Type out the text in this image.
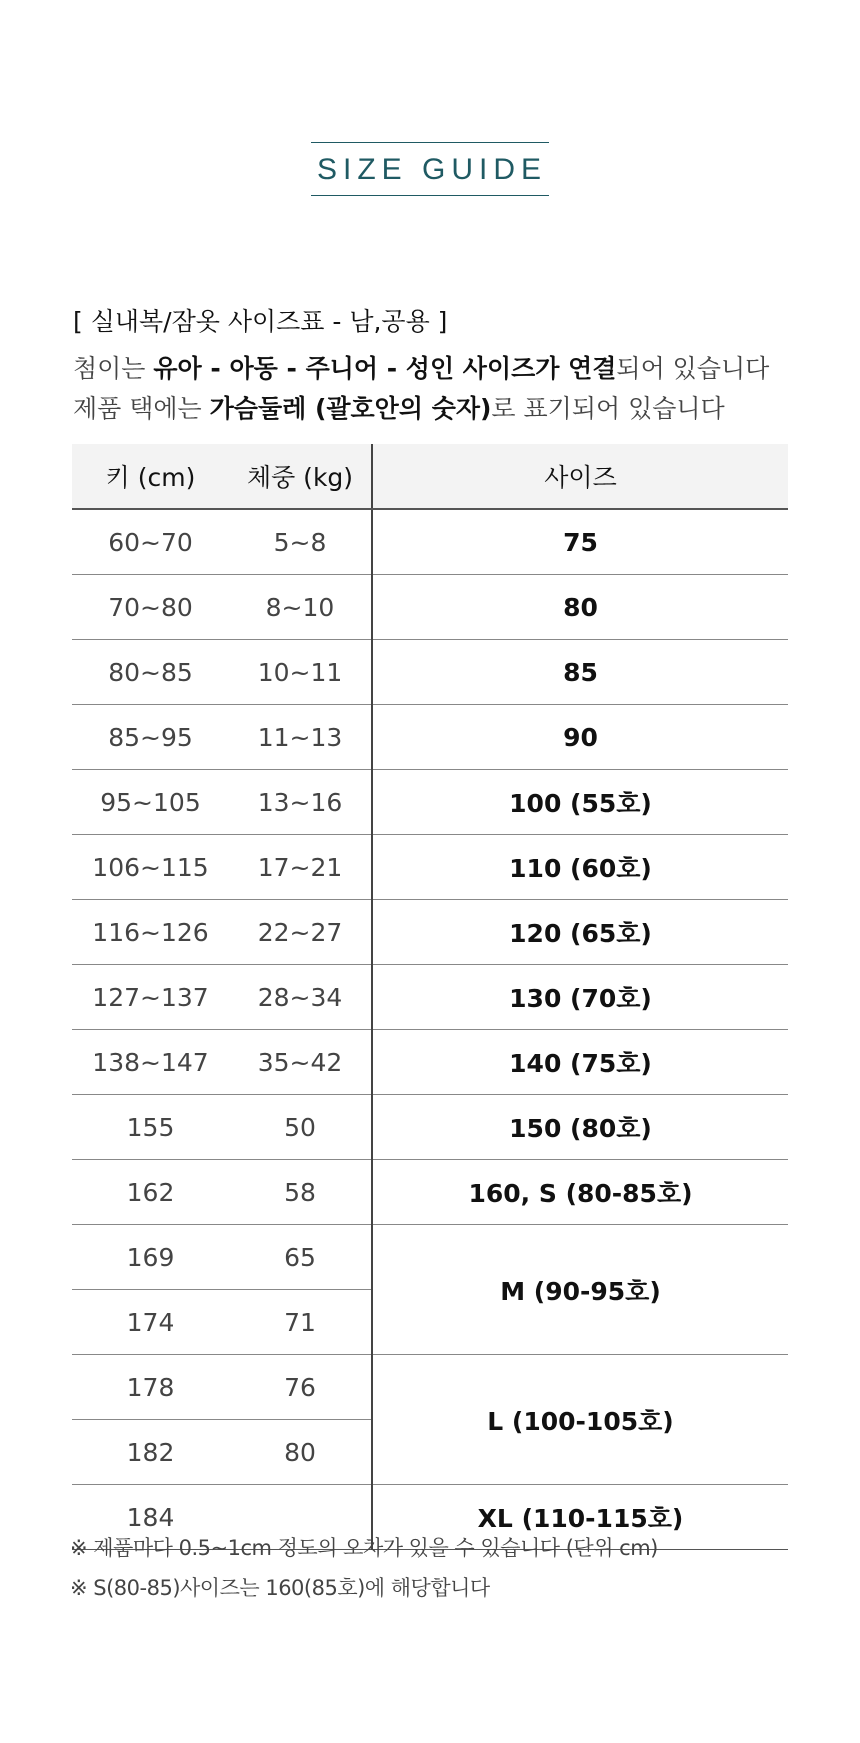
SIZE GUIDE
[ 실내복/잠옷 사이즈표 - 남,공용 ]
첨이는 유아 - 아동 - 주니어 - 성인 사이즈가 연결되어 있습니다
제품 택에는 가슴둘레 (괄호안의 숫자)로 표기되어 있습니다
키 (cm)	체중 (kg)	사이즈
60~70	5~8	75
70~80	8~10	80
80~85	10~11	85
85~95	11~13	90
95~105	13~16	100 (55호)
106~115	17~21	110 (60호)
116~126	22~27	120 (65호)
127~137	28~34	130 (70호)
138~147	35~42	140 (75호)
155	50	150 (80호)
162	58	160, S (80-85호)
169	65	M (90-95호)
174	71	
178	76	L (100-105호)
182	80	
184		XL (110-115호)
※ 제품마다 0.5~1cm 정도의 오차가 있을 수 있습니다 (단위 cm)
※ S(80-85)사이즈는 160(85호)에 해당합니다
